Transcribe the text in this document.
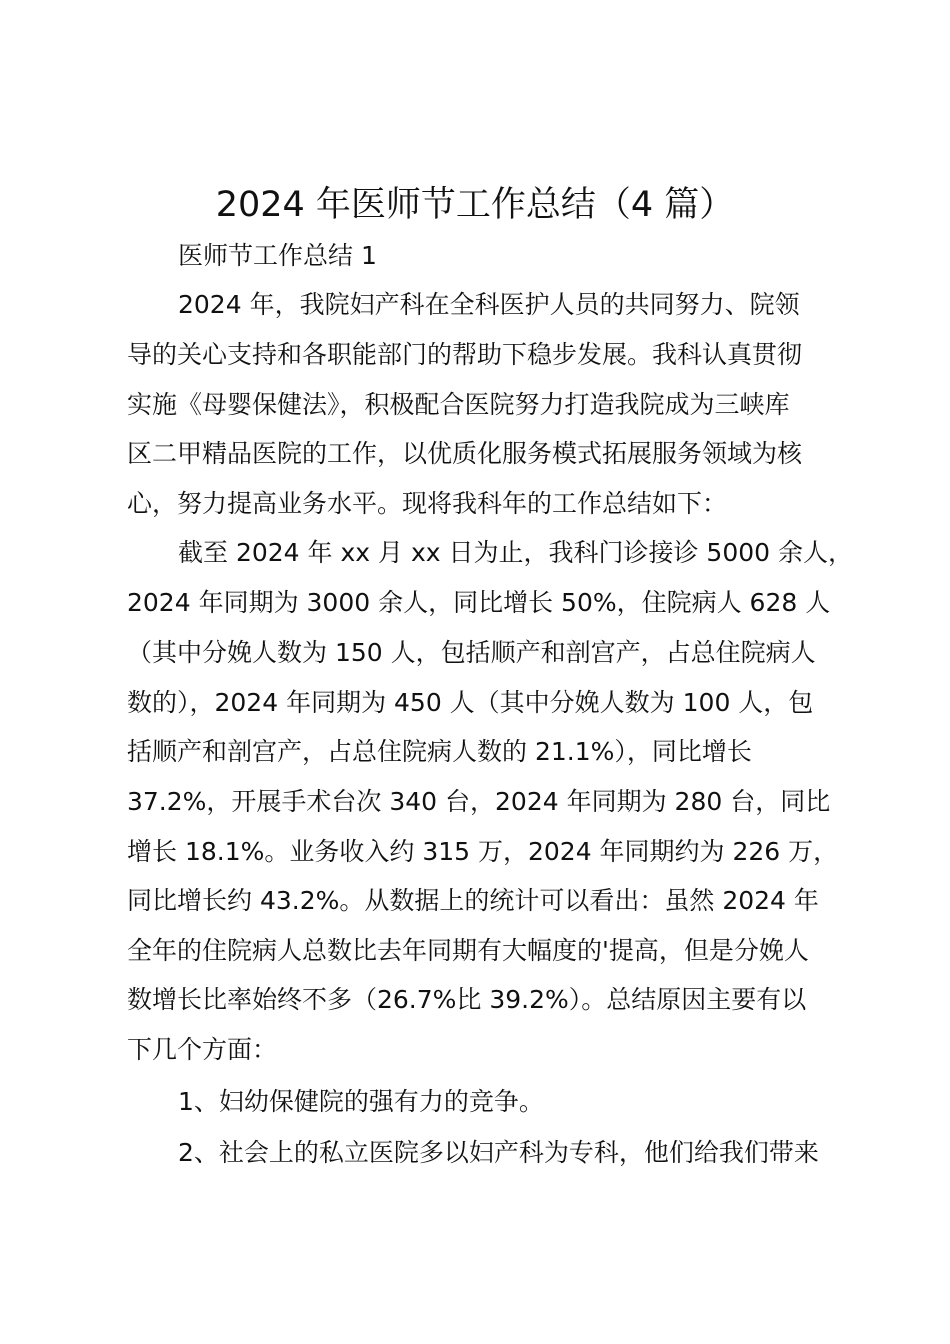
2024 年医师节工作总结（4 篇）
医师节工作总结 1
2024 年，我院妇产科在全科医护人员的共同努力、院领
导的关心支持和各职能部门的帮助下稳步发展。我科认真贯彻
实施《母婴保健法》，积极配合医院努力打造我院成为三峡库
区二甲精品医院的工作，以优质化服务模式拓展服务领域为核
心，努力提高业务水平。现将我科年的工作总结如下：
截至 2024 年 xx 月 xx 日为止，我科门诊接诊 5000 余人，
2024 年同期为 3000 余人，同比增长 50%，住院病人 628 人
（其中分娩人数为 150 人，包括顺产和剖宫产，占总住院病人
数的），2024 年同期为 450 人（其中分娩人数为 100 人，包
括顺产和剖宫产，占总住院病人数的 21.1%），同比增长
37.2%，开展手术台次 340 台，2024 年同期为 280 台，同比
增长 18.1%。业务收入约 315 万，2024 年同期约为 226 万，
同比增长约 43.2%。从数据上的统计可以看出：虽然 2024 年
全年的住院病人总数比去年同期有大幅度的'提高，但是分娩人
数增长比率始终不多（26.7%比 39.2%）。总结原因主要有以
下几个方面：
1、妇幼保健院的强有力的竞争。
2、社会上的私立医院多以妇产科为专科，他们给我们带来
